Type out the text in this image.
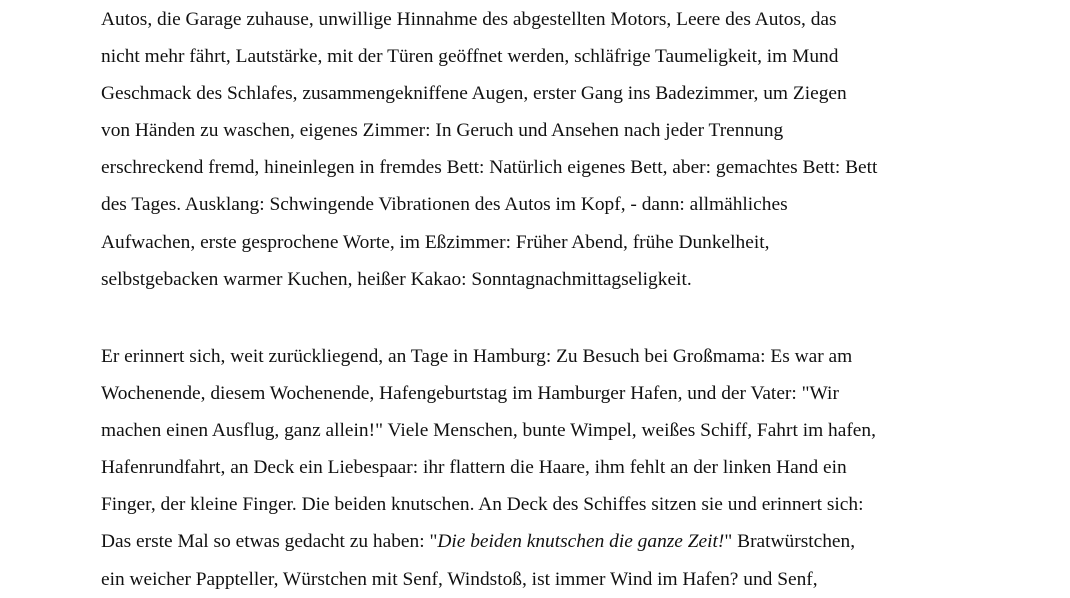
Autos, die Garage zuhause, unwillige Hinnahme des abgestellten Motors, Leere des Autos, das
nicht mehr fährt, Lautstärke, mit der Türen geöffnet werden, schläfrige Taumeligkeit, im Mund
Geschmack des Schlafes, zusammengekniffene Augen, erster Gang ins Badezimmer, um Ziegen
von Händen zu waschen, eigenes Zimmer: In Geruch und Ansehen nach jeder Trennung
erschreckend fremd, hineinlegen in fremdes Bett: Natürlich eigenes Bett, aber: gemachtes Bett: Bett
des Tages. Ausklang: Schwingende Vibrationen des Autos im Kopf, - dann: allmähliches
Aufwachen, erste gesprochene Worte, im Eßzimmer: Früher Abend, frühe Dunkelheit,
selbstgebacken warmer Kuchen, heißer Kakao: Sonntagnachmittagseligkeit.

Er erinnert sich, weit zurückliegend, an Tage in Hamburg: Zu Besuch bei Großmama: Es war am
Wochenende, diesem Wochenende, Hafengeburtstag im Hamburger Hafen, und der Vater: "Wir
machen einen Ausflug, ganz allein!" Viele Menschen, bunte Wimpel, weißes Schiff, Fahrt im hafen,
Hafenrundfahrt, an Deck ein Liebespaar: ihr flattern die Haare, ihm fehlt an der linken Hand ein
Finger, der kleine Finger. Die beiden knutschen. An Deck des Schiffes sitzen sie und erinnert sich:
Das erste Mal so etwas gedacht zu haben: "Die beiden knutschen die ganze Zeit!" Bratwürstchen,
ein weicher Pappteller, Würstchen mit Senf, Windstoß, ist immer Wind im Hafen? und Senf,
